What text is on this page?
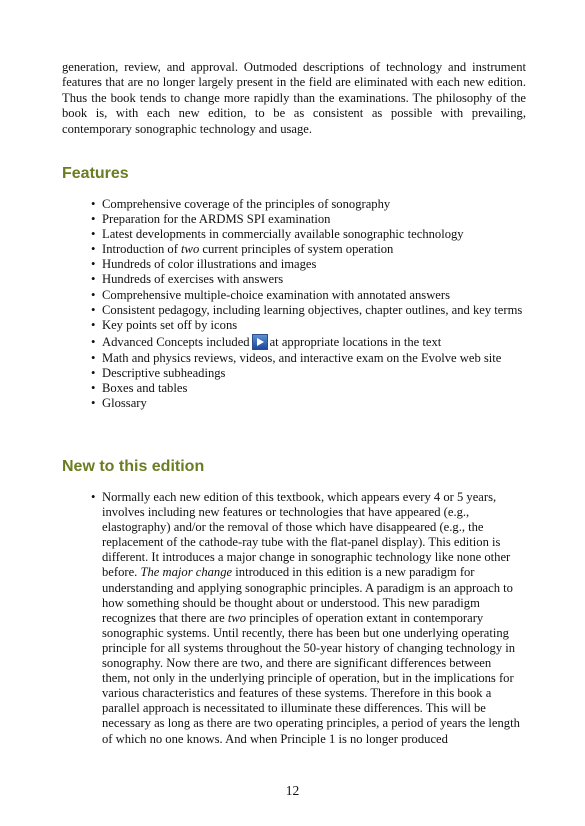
generation, review, and approval. Outmoded descriptions of technology and instrument features that are no longer largely present in the field are eliminated with each new edition. Thus the book tends to change more rapidly than the examinations. The philosophy of the book is, with each new edition, to be as consistent as possible with prevailing, contemporary sonographic technology and usage.

Features
• Comprehensive coverage of the principles of sonography
• Preparation for the ARDMS SPI examination
• Latest developments in commercially available sonographic technology
• Introduction of two current principles of system operation
• Hundreds of color illustrations and images
• Hundreds of exercises with answers
• Comprehensive multiple-choice examination with annotated answers
• Consistent pedagogy, including learning objectives, chapter outlines, and key terms
• Key points set off by icons
• Advanced Concepts included at appropriate locations in the text
• Math and physics reviews, videos, and interactive exam on the Evolve web site
• Descriptive subheadings
• Boxes and tables
• Glossary
New to this edition
• Normally each new edition of this textbook, which appears every 4 or 5 years, involves including new features or technologies that have appeared (e.g., elastography) and/or the removal of those which have disappeared (e.g., the replacement of the cathode-ray tube with the flat-panel display). This edition is different. It introduces a major change in sonographic technology like none other before. The major change introduced in this edition is a new paradigm for understanding and applying sonographic principles. A paradigm is an approach to how something should be thought about or understood. This new paradigm recognizes that there are two principles of operation extant in contemporary sonographic systems. Until recently, there has been but one underlying operating principle for all systems throughout the 50-year history of changing technology in sonography. Now there are two, and there are significant differences between them, not only in the underlying principle of operation, but in the implications for various characteristics and features of these systems. Therefore in this book a parallel approach is necessitated to illuminate these differences. This will be necessary as long as there are two operating principles, a period of years the length of which no one knows. And when Principle 1 is no longer produced
12
